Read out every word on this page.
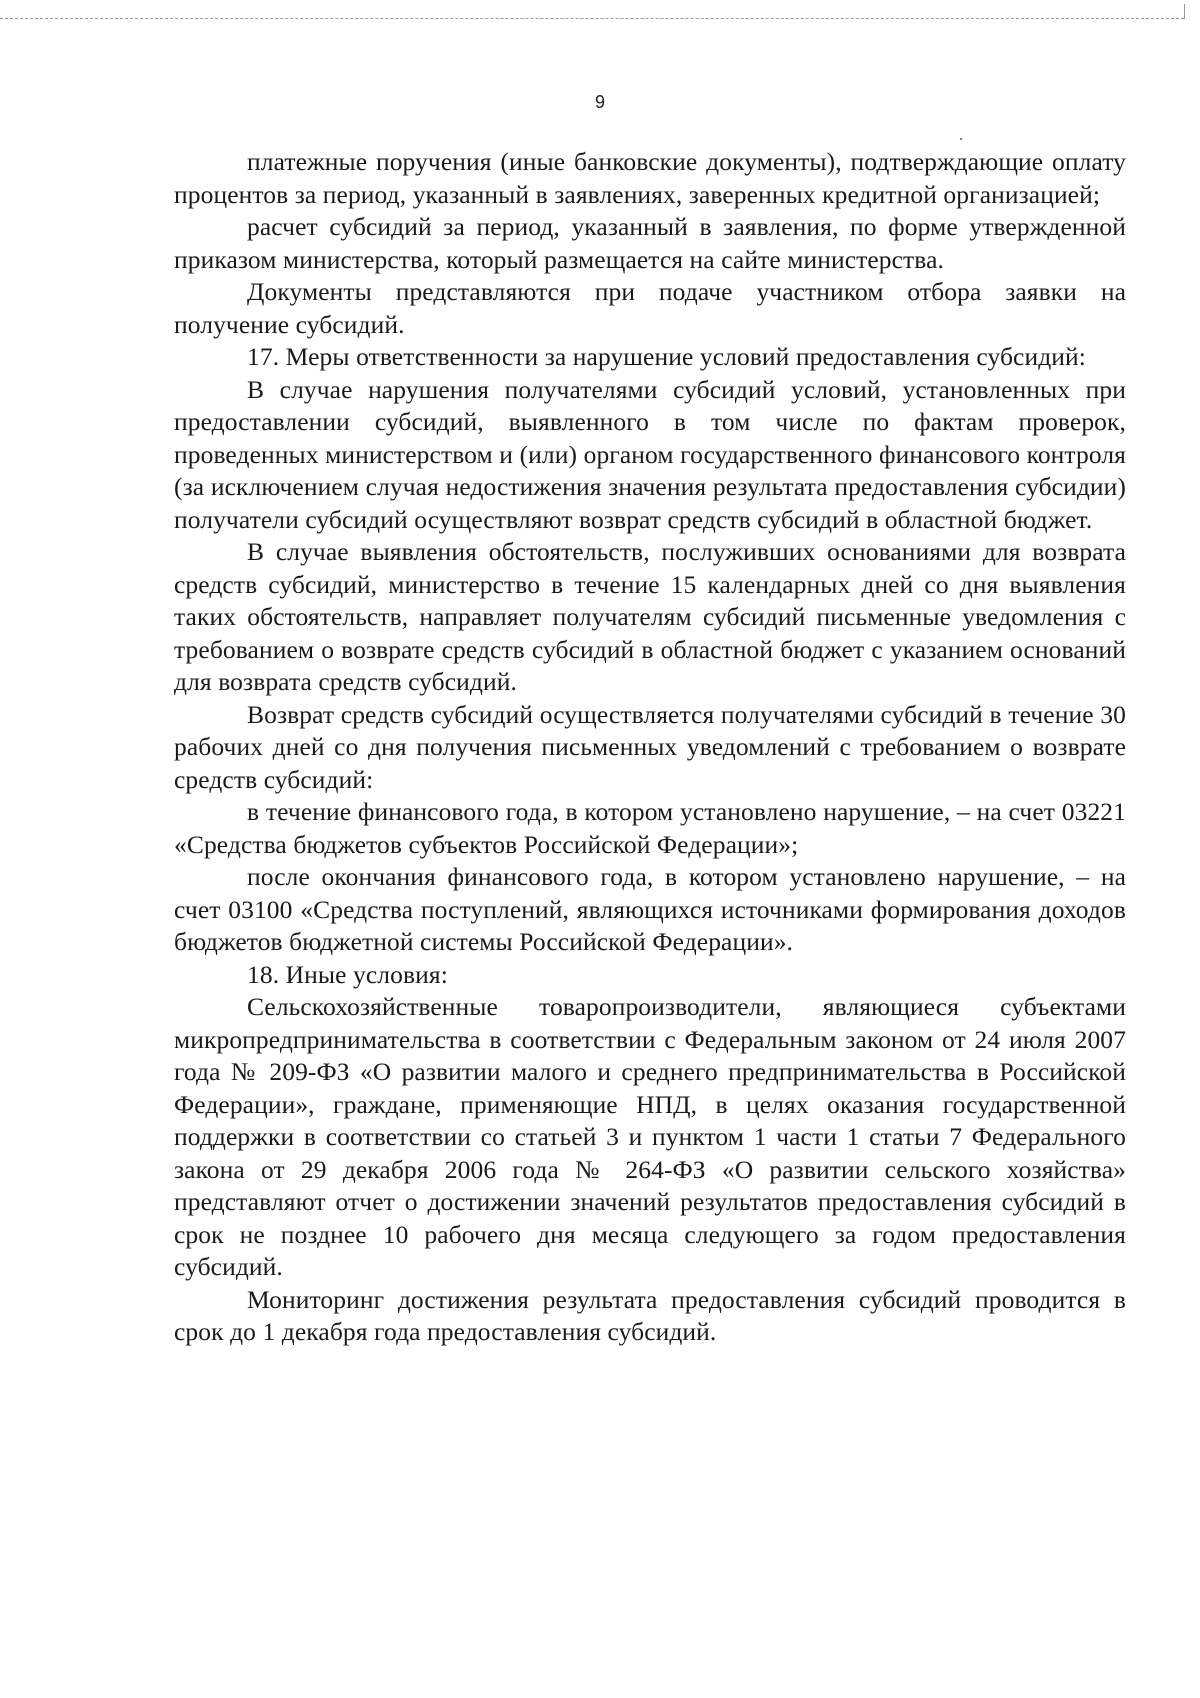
9

платежные поручения (иные банковские документы), подтверждающие оплату процентов за период, указанный в заявлениях, заверенных кредитной организацией;

расчет субсидий за период, указанный в заявления, по форме утвержденной приказом министерства, который размещается на сайте министерства.

Документы представляются при подаче участником отбора заявки на получение субсидий.

17. Меры ответственности за нарушение условий предоставления субсидий:

В случае нарушения получателями субсидий условий, установленных при предоставлении субсидий, выявленного в том числе по фактам проверок, проведенных министерством и (или) органом государственного финансового контроля (за исключением случая недостижения значения результата предоставления субсидии) получатели субсидий осуществляют возврат средств субсидий в областной бюджет.

В случае выявления обстоятельств, послуживших основаниями для возврата средств субсидий, министерство в течение 15 календарных дней со дня выявления таких обстоятельств, направляет получателям субсидий письменные уведомления с требованием о возврате средств субсидий в областной бюджет с указанием оснований для возврата средств субсидий.

Возврат средств субсидий осуществляется получателями субсидий в течение 30 рабочих дней со дня получения письменных уведомлений с требованием о возврате средств субсидий:

в течение финансового года, в котором установлено нарушение, – на счет 03221 «Средства бюджетов субъектов Российской Федерации»;

после окончания финансового года, в котором установлено нарушение, – на счет 03100 «Средства поступлений, являющихся источниками формирования доходов бюджетов бюджетной системы Российской Федерации».

18. Иные условия:

Сельскохозяйственные товаропроизводители, являющиеся субъектами микропредпринимательства в соответствии с Федеральным законом от 24 июля 2007 года № 209-ФЗ «О развитии малого и среднего предпринимательства в Российской Федерации», граждане, применяющие НПД, в целях оказания государственной поддержки в соответствии со статьей 3 и пунктом 1 части 1 статьи 7 Федерального закона от 29 декабря 2006 года № 264-ФЗ «О развитии сельского хозяйства» представляют отчет о достижении значений результатов предоставления субсидий в срок не позднее 10 рабочего дня месяца следующего за годом предоставления субсидий.

Мониторинг достижения результата предоставления субсидий проводится в срок до 1 декабря года предоставления субсидий.
